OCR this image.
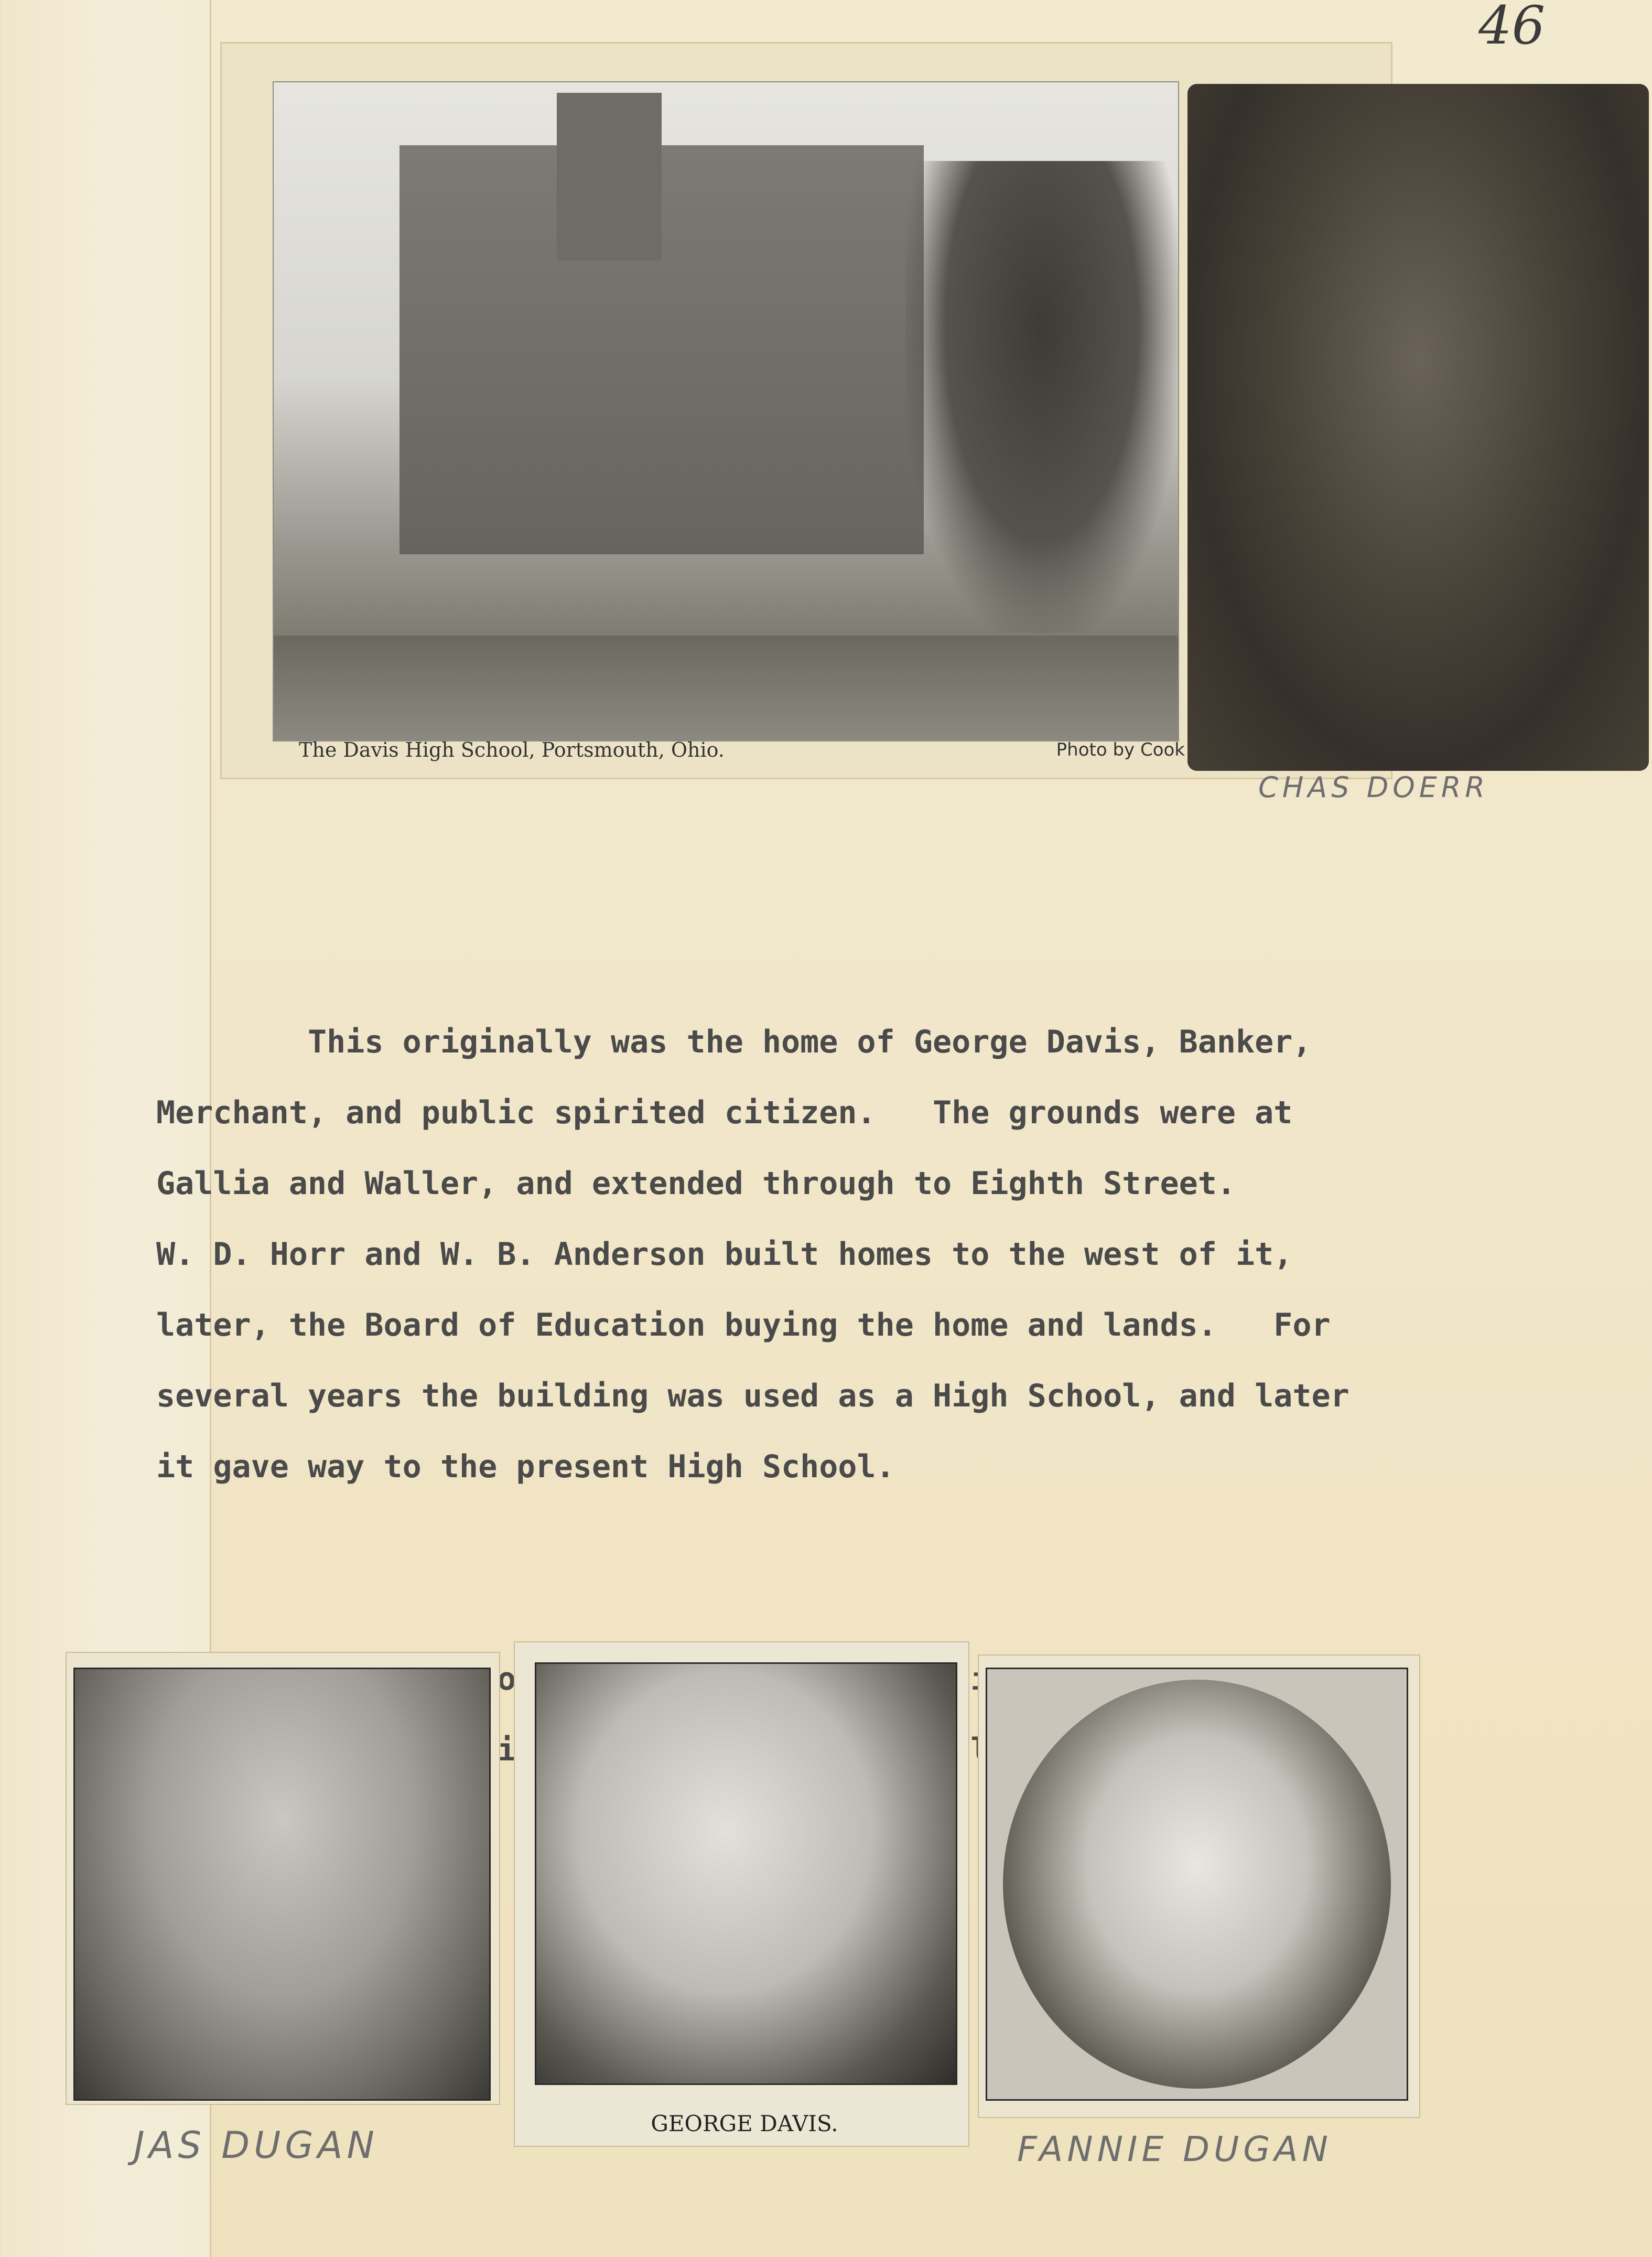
46
The Davis High School, Portsmouth, Ohio.	Photo by Cook
CHAS DOERR

This originally was the home of George Davis, Banker,
Merchant, and public spirited citizen.   The grounds were at
Gallia and Waller, and extended through to Eighth Street.
W. D. Horr and W. B. Anderson built homes to the west of it,
later, the Board of Education buying the home and lands.   For
several years the building was used as a High School, and later
it gave way to the present High School.

JAS DUGAN
GEORGE DAVIS.
FANNIE DUGAN
